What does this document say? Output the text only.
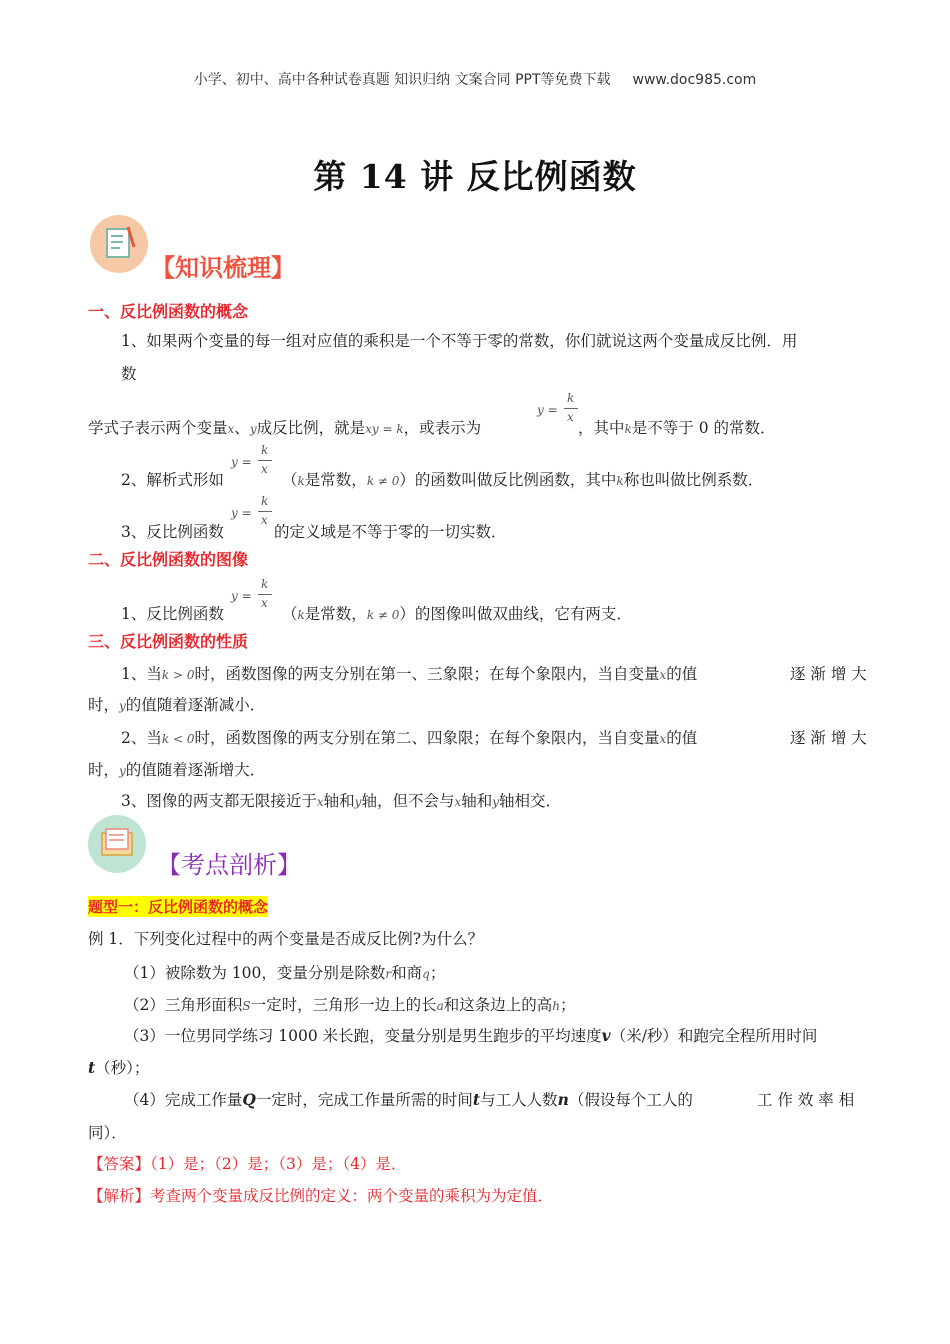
小学、初中、高中各种试卷真题 知识归纳 文案合同 PPT等免费下载 www.doc985.com
第 14 讲 反比例函数
【知识梳理】
一、反比例函数的概念
1、如果两个变量的每一组对应值的乘积是一个不等于零的常数，你们就说这两个变量成反比例．用
数
学式子表示两个变量x、y成反比例，就是xy = k，或表示为
y =
k
x
，其中k是不等于 0 的常数．
2、解析式形如
y =
k
x
（k是常数，k ≠ 0）的函数叫做反比例函数，其中k称也叫做比例系数．
3、反比例函数
y =
k
x
的定义域是不等于零的一切实数．
二、反比例函数的图像
1、反比例函数
y =
k
x
（k是常数，k ≠ 0）的图像叫做双曲线，它有两支．
三、反比例函数的性质
1、当k > 0时，函数图像的两支分别在第一、三象限；在每个象限内，当自变量x的值	逐 渐 增 大
时，y的值随着逐渐减小．
2、当k < 0时，函数图像的两支分别在第二、四象限；在每个象限内，当自变量x的值	逐 渐 增 大
时，y的值随着逐渐增大．
3、图像的两支都无限接近于x轴和y轴，但不会与x轴和y轴相交．
【考点剖析】
题型一：反比例函数的概念
例 1．下列变化过程中的两个变量是否成反比例?为什么？
（1）被除数为 100，变量分别是除数r和商q；
（2）三角形面积S一定时，三角形一边上的长a和这条边上的高h；
（3）一位男同学练习 1000 米长跑，变量分别是男生跑步的平均速度v（米/秒）和跑完全程所用时间
t（秒）；
（4）完成工作量Q一定时，完成工作量所需的时间t与工人人数n（假设每个工人的	工 作 效 率 相
同）．
【答案】（1）是；（2）是；（3）是；（4）是．
【解析】考查两个变量成反比例的定义：两个变量的乘积为为定值．
